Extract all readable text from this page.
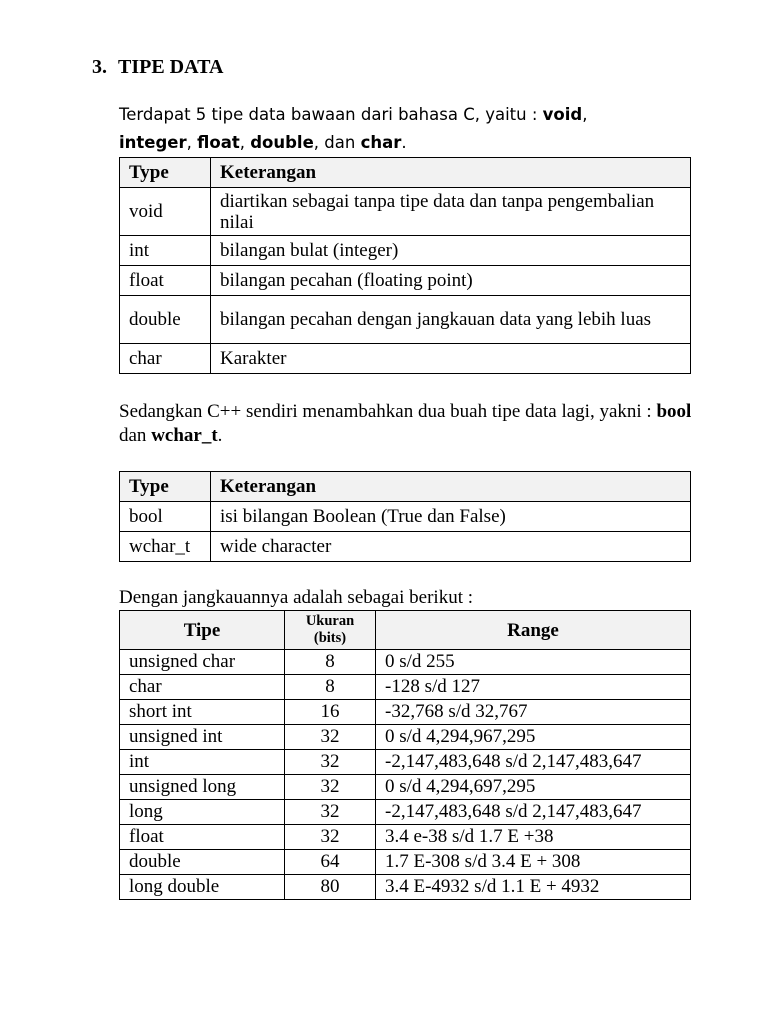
3. TIPE DATA

Terdapat 5 tipe data bawaan dari bahasa C, yaitu : void,
integer, float, double, dan char.

Type	Keterangan
void	diartikan sebagai tanpa tipe data dan tanpa pengembalian nilai
int	bilangan bulat (integer)
float	bilangan pecahan (floating point)
double	bilangan pecahan dengan jangkauan data yang lebih luas
char	Karakter

Sedangkan C++ sendiri menambahkan dua buah tipe data lagi, yakni : bool dan wchar_t.

Type	Keterangan
bool	isi bilangan Boolean (True dan False)
wchar_t	wide character

Dengan jangkauannya adalah sebagai berikut :

Tipe	Ukuran (bits)	Range
unsigned char	8	0 s/d 255
char	8	-128 s/d 127
short int	16	-32,768 s/d 32,767
unsigned int	32	0 s/d 4,294,967,295
int	32	-2,147,483,648 s/d 2,147,483,647
unsigned long	32	0 s/d 4,294,697,295
long	32	-2,147,483,648 s/d 2,147,483,647
float	32	3.4 e-38 s/d 1.7 E +38
double	64	1.7 E-308 s/d 3.4 E + 308
long double	80	3.4 E-4932 s/d 1.1 E + 4932
